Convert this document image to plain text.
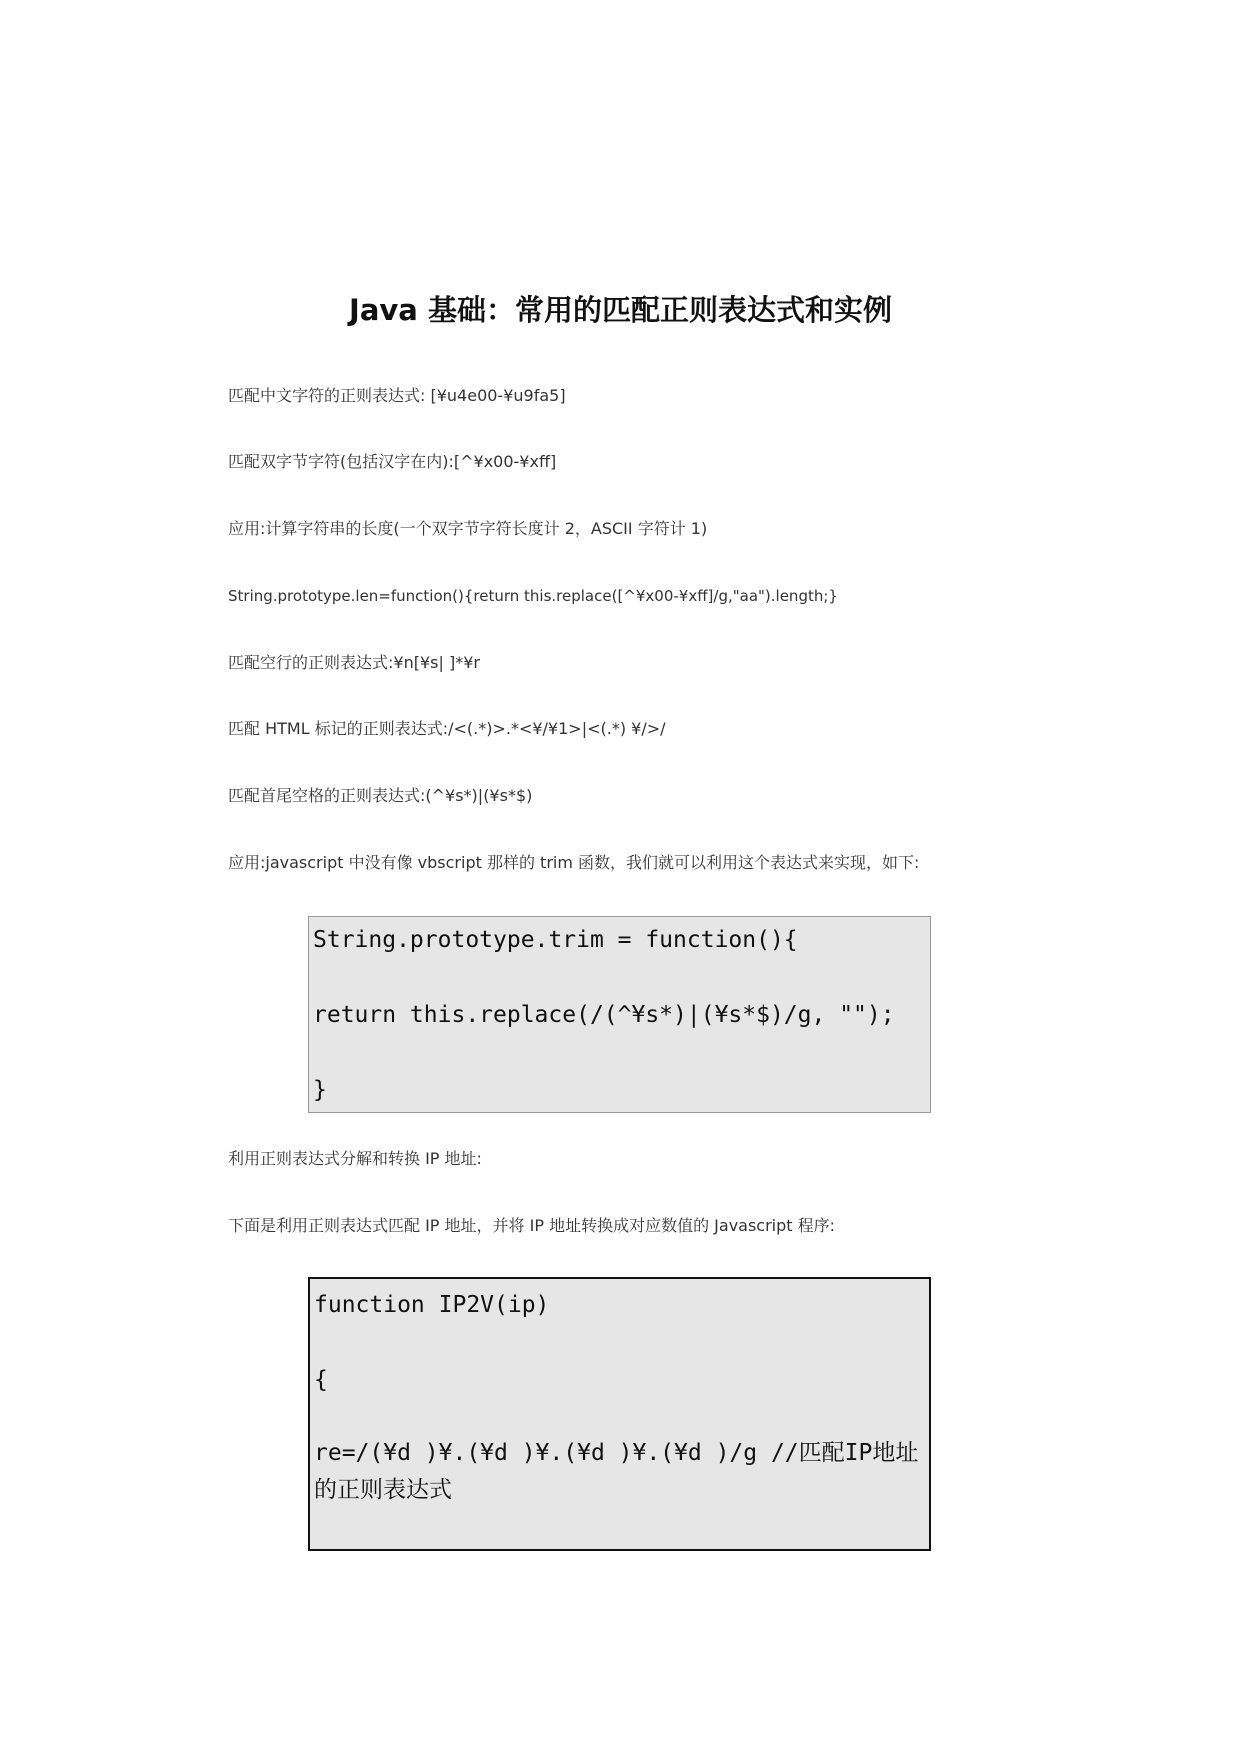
Java 基础：常用的匹配正则表达式和实例
匹配中文字符的正则表达式: [¥u4e00-¥u9fa5]
匹配双字节字符(包括汉字在内):[^¥x00-¥xff]
应用:计算字符串的长度(一个双字节字符长度计 2，ASCII 字符计 1)
String.prototype.len=function(){return this.replace([^¥x00-¥xff]/g,"aa").length;}
匹配空行的正则表达式:¥n[¥s| ]*¥r
匹配 HTML 标记的正则表达式:/<(.*)>.*<¥/¥1>|<(.*) ¥/>/
匹配首尾空格的正则表达式:(^¥s*)|(¥s*$)
应用:javascript 中没有像 vbscript 那样的 trim 函数，我们就可以利用这个表达式来实现，如下:
String.prototype.trim = function(){
return this.replace(/(^¥s*)|(¥s*$)/g, "");
}
利用正则表达式分解和转换 IP 地址:
下面是利用正则表达式匹配 IP 地址，并将 IP 地址转换成对应数值的 Javascript 程序:
function IP2V(ip)
{
re=/(¥d )¥.(¥d )¥.(¥d )¥.(¥d )/g //匹配IP地址的正则表达式
